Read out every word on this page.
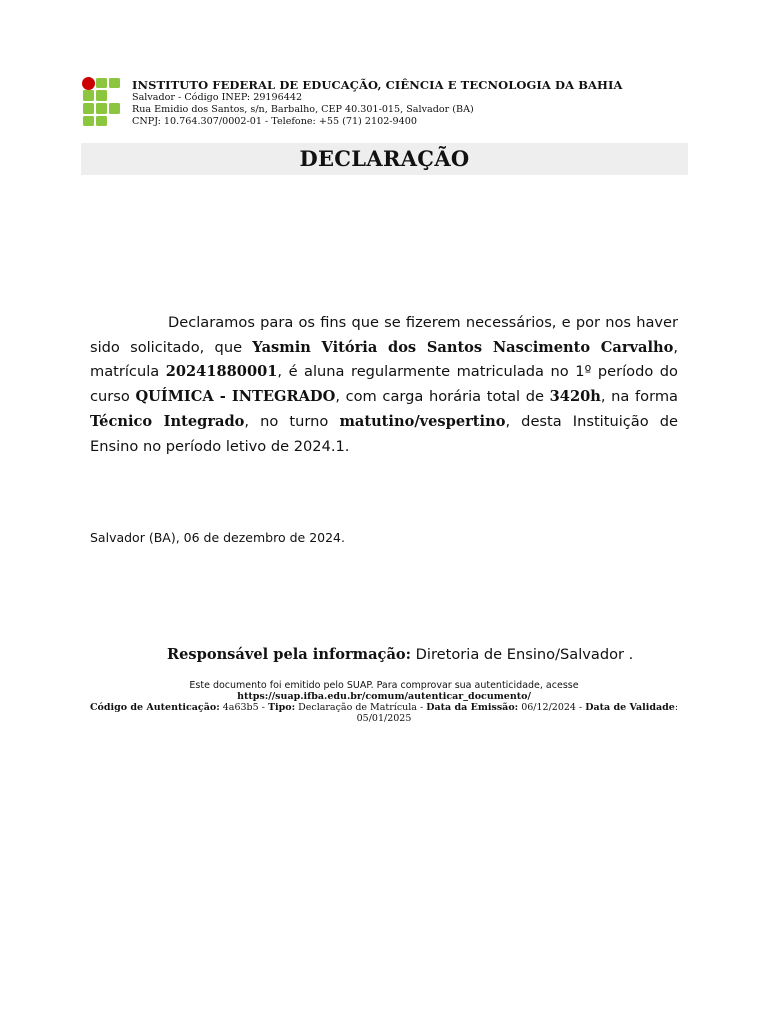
INSTITUTO FEDERAL DE EDUCAÇÃO, CIÊNCIA E TECNOLOGIA DA BAHIA
Salvador - Código INEP: 29196442
Rua Emidio dos Santos, s/n, Barbalho, CEP 40.301-015, Salvador (BA)
CNPJ: 10.764.307/0002-01 - Telefone: +55 (71) 2102-9400
DECLARAÇÃO

Declaramos para os fins que se fizerem necessários, e por nos haver sido solicitado, que Yasmin Vitória dos Santos Nascimento Carvalho, matrícula 20241880001, é aluna regularmente matriculada no 1º período do curso QUÍMICA - INTEGRADO, com carga horária total de 3420h, na forma Técnico Integrado, no turno matutino/vespertino, desta Instituição de Ensino no período letivo de 2024.1.

Salvador (BA), 06 de dezembro de 2024.
Responsável pela informação: Diretoria de Ensino/Salvador .
Este documento foi emitido pelo SUAP. Para comprovar sua autenticidade, acesse https://suap.ifba.edu.br/comum/autenticar_documento/
Código de Autenticação: 4a63b5 - Tipo: Declaração de Matrícula - Data da Emissão: 06/12/2024 - Data de Validade: 05/01/2025
